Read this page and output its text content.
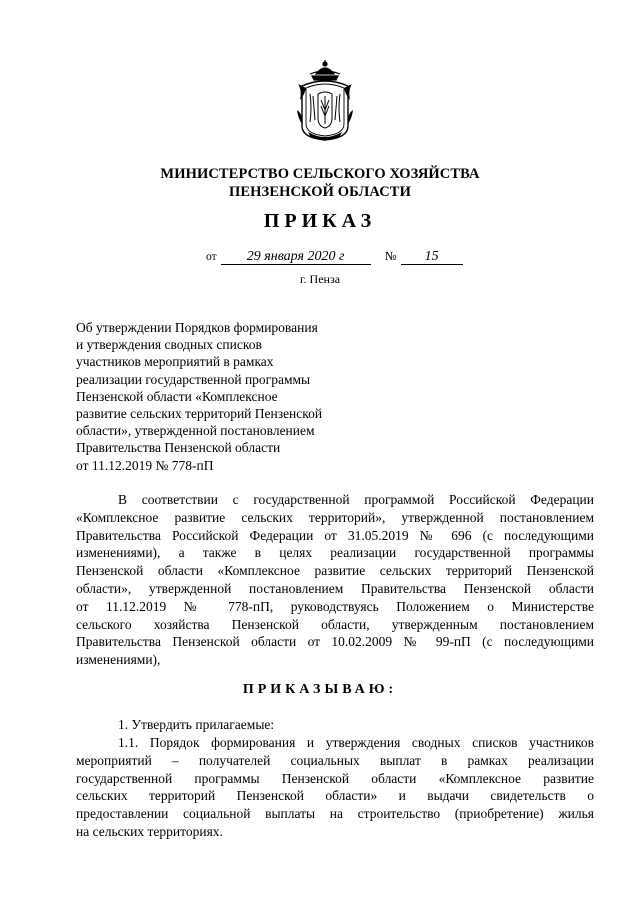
МИНИСТЕРСТВО СЕЛЬСКОГО ХОЗЯЙСТВА
ПЕНЗЕНСКОЙ ОБЛАСТИ
ПРИКАЗ
от 29 января 2020 г	№ 15
г. Пенза
Об утверждении Порядков формирования
и утверждения сводных списков
участников мероприятий в рамках
реализации государственной программы
Пензенской области «Комплексное
развитие сельских территорий Пензенской
области», утвержденной постановлением
Правительства Пензенской области
от 11.12.2019 № 778-пП
В соответствии с государственной программой Российской Федерации
«Комплексное развитие сельских территорий», утвержденной постановлением
Правительства Российской Федерации от 31.05.2019 № 696 (с последующими
изменениями), а также в целях реализации государственной программы
Пензенской области «Комплексное развитие сельских территорий Пензенской
области», утвержденной постановлением Правительства Пензенской области
от 11.12.2019 № 778-пП, руководствуясь Положением о Министерстве
сельского хозяйства Пензенской области, утвержденным постановлением
Правительства Пензенской области от 10.02.2009 № 99-пП (с последующими
изменениями),
ПРИКАЗЫВАЮ:
1. Утвердить прилагаемые:
1.1. Порядок формирования и утверждения сводных списков участников
мероприятий – получателей социальных выплат в рамках реализации
государственной программы Пензенской области «Комплексное развитие
сельских территорий Пензенской области» и выдачи свидетельств о
предоставлении социальной выплаты на строительство (приобретение) жилья
на сельских территориях.
